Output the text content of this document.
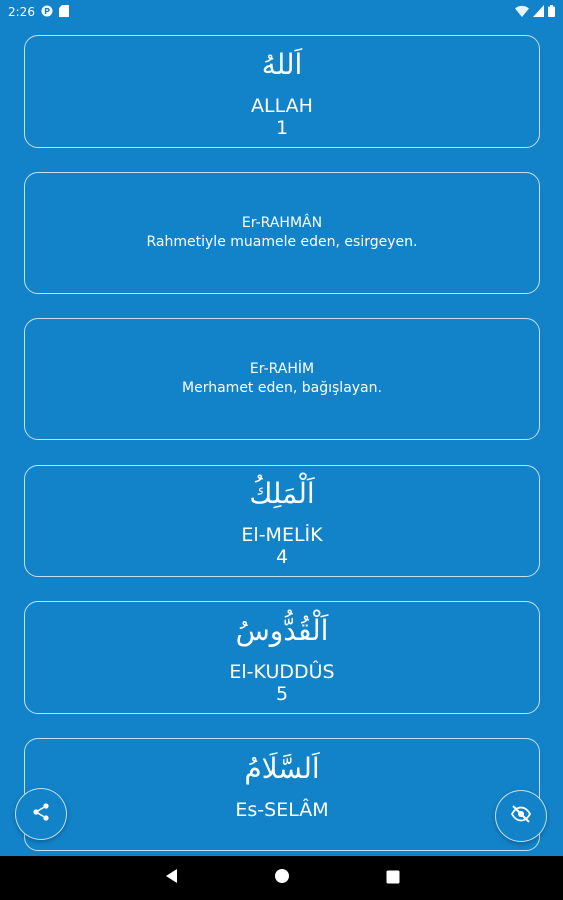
2:26 P
اَللهُ
ALLAH
1
Er-RAHMÂN
Rahmetiyle muamele eden, esirgeyen.
Er-RAHİM
Merhamet eden, bağışlayan.
اَلْمَلِكُ
El-MELİK
4
اَلْقُدُّوسُ
El-KUDDÛS
5
اَلسَّلَامُ
Es-SELÂM
